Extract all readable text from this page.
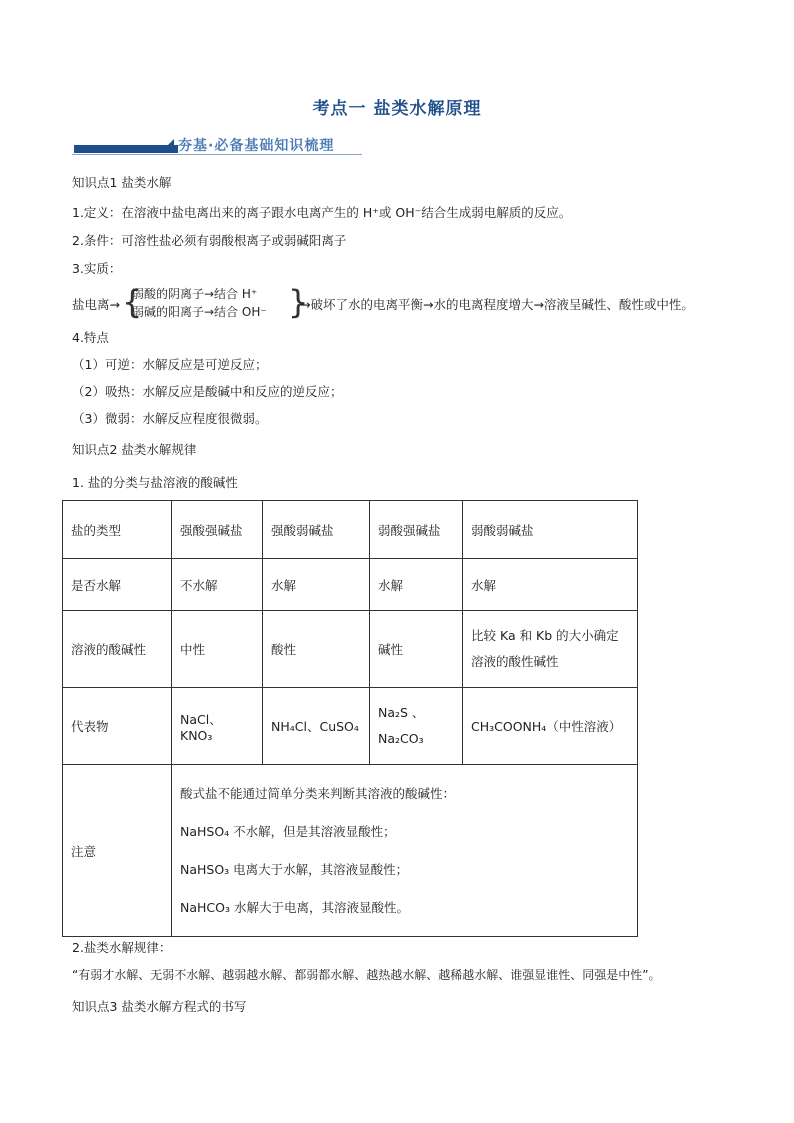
考点一 盐类水解原理
夯基·必备基础知识梳理
知识点1 盐类水解
1.定义：在溶液中盐电离出来的离子跟水电离产生的 H⁺或 OH⁻结合生成弱电解质的反应。
2.条件：可溶性盐必须有弱酸根离子或弱碱阳离子
3.实质：
盐电离→ {
弱酸的阴离子→结合 H⁺
弱碱的阳离子→结合 OH⁻ }
→破坏了水的电离平衡→水的电离程度增大→溶液呈碱性、酸性或中性。
4.特点
（1）可逆：水解反应是可逆反应；
（2）吸热：水解反应是酸碱中和反应的逆反应；
（3）微弱：水解反应程度很微弱。
知识点2 盐类水解规律
1. 盐的分类与盐溶液的酸碱性
盐的类型	强酸强碱盐	强酸弱碱盐	弱酸强碱盐	弱酸弱碱盐
是否水解	不水解	水解	水解	水解
溶液的酸碱性	中性	酸性	碱性	比较 Ka 和 Kb 的大小确定溶液的酸性碱性
代表物	NaCl、KNO₃	NH₄Cl、CuSO₄	Na₂S 、Na₂CO₃	CH₃COONH₄（中性溶液）
注意	酸式盐不能通过简单分类来判断其溶液的酸碱性：
NaHSO₄ 不水解，但是其溶液显酸性；
NaHSO₃ 电离大于水解，其溶液显酸性；
NaHCO₃ 水解大于电离，其溶液显酸性。			
2.盐类水解规律：
“有弱才水解、无弱不水解、越弱越水解、都弱都水解、越热越水解、越稀越水解、谁强显谁性、同强是中性”。
知识点3 盐类水解方程式的书写
